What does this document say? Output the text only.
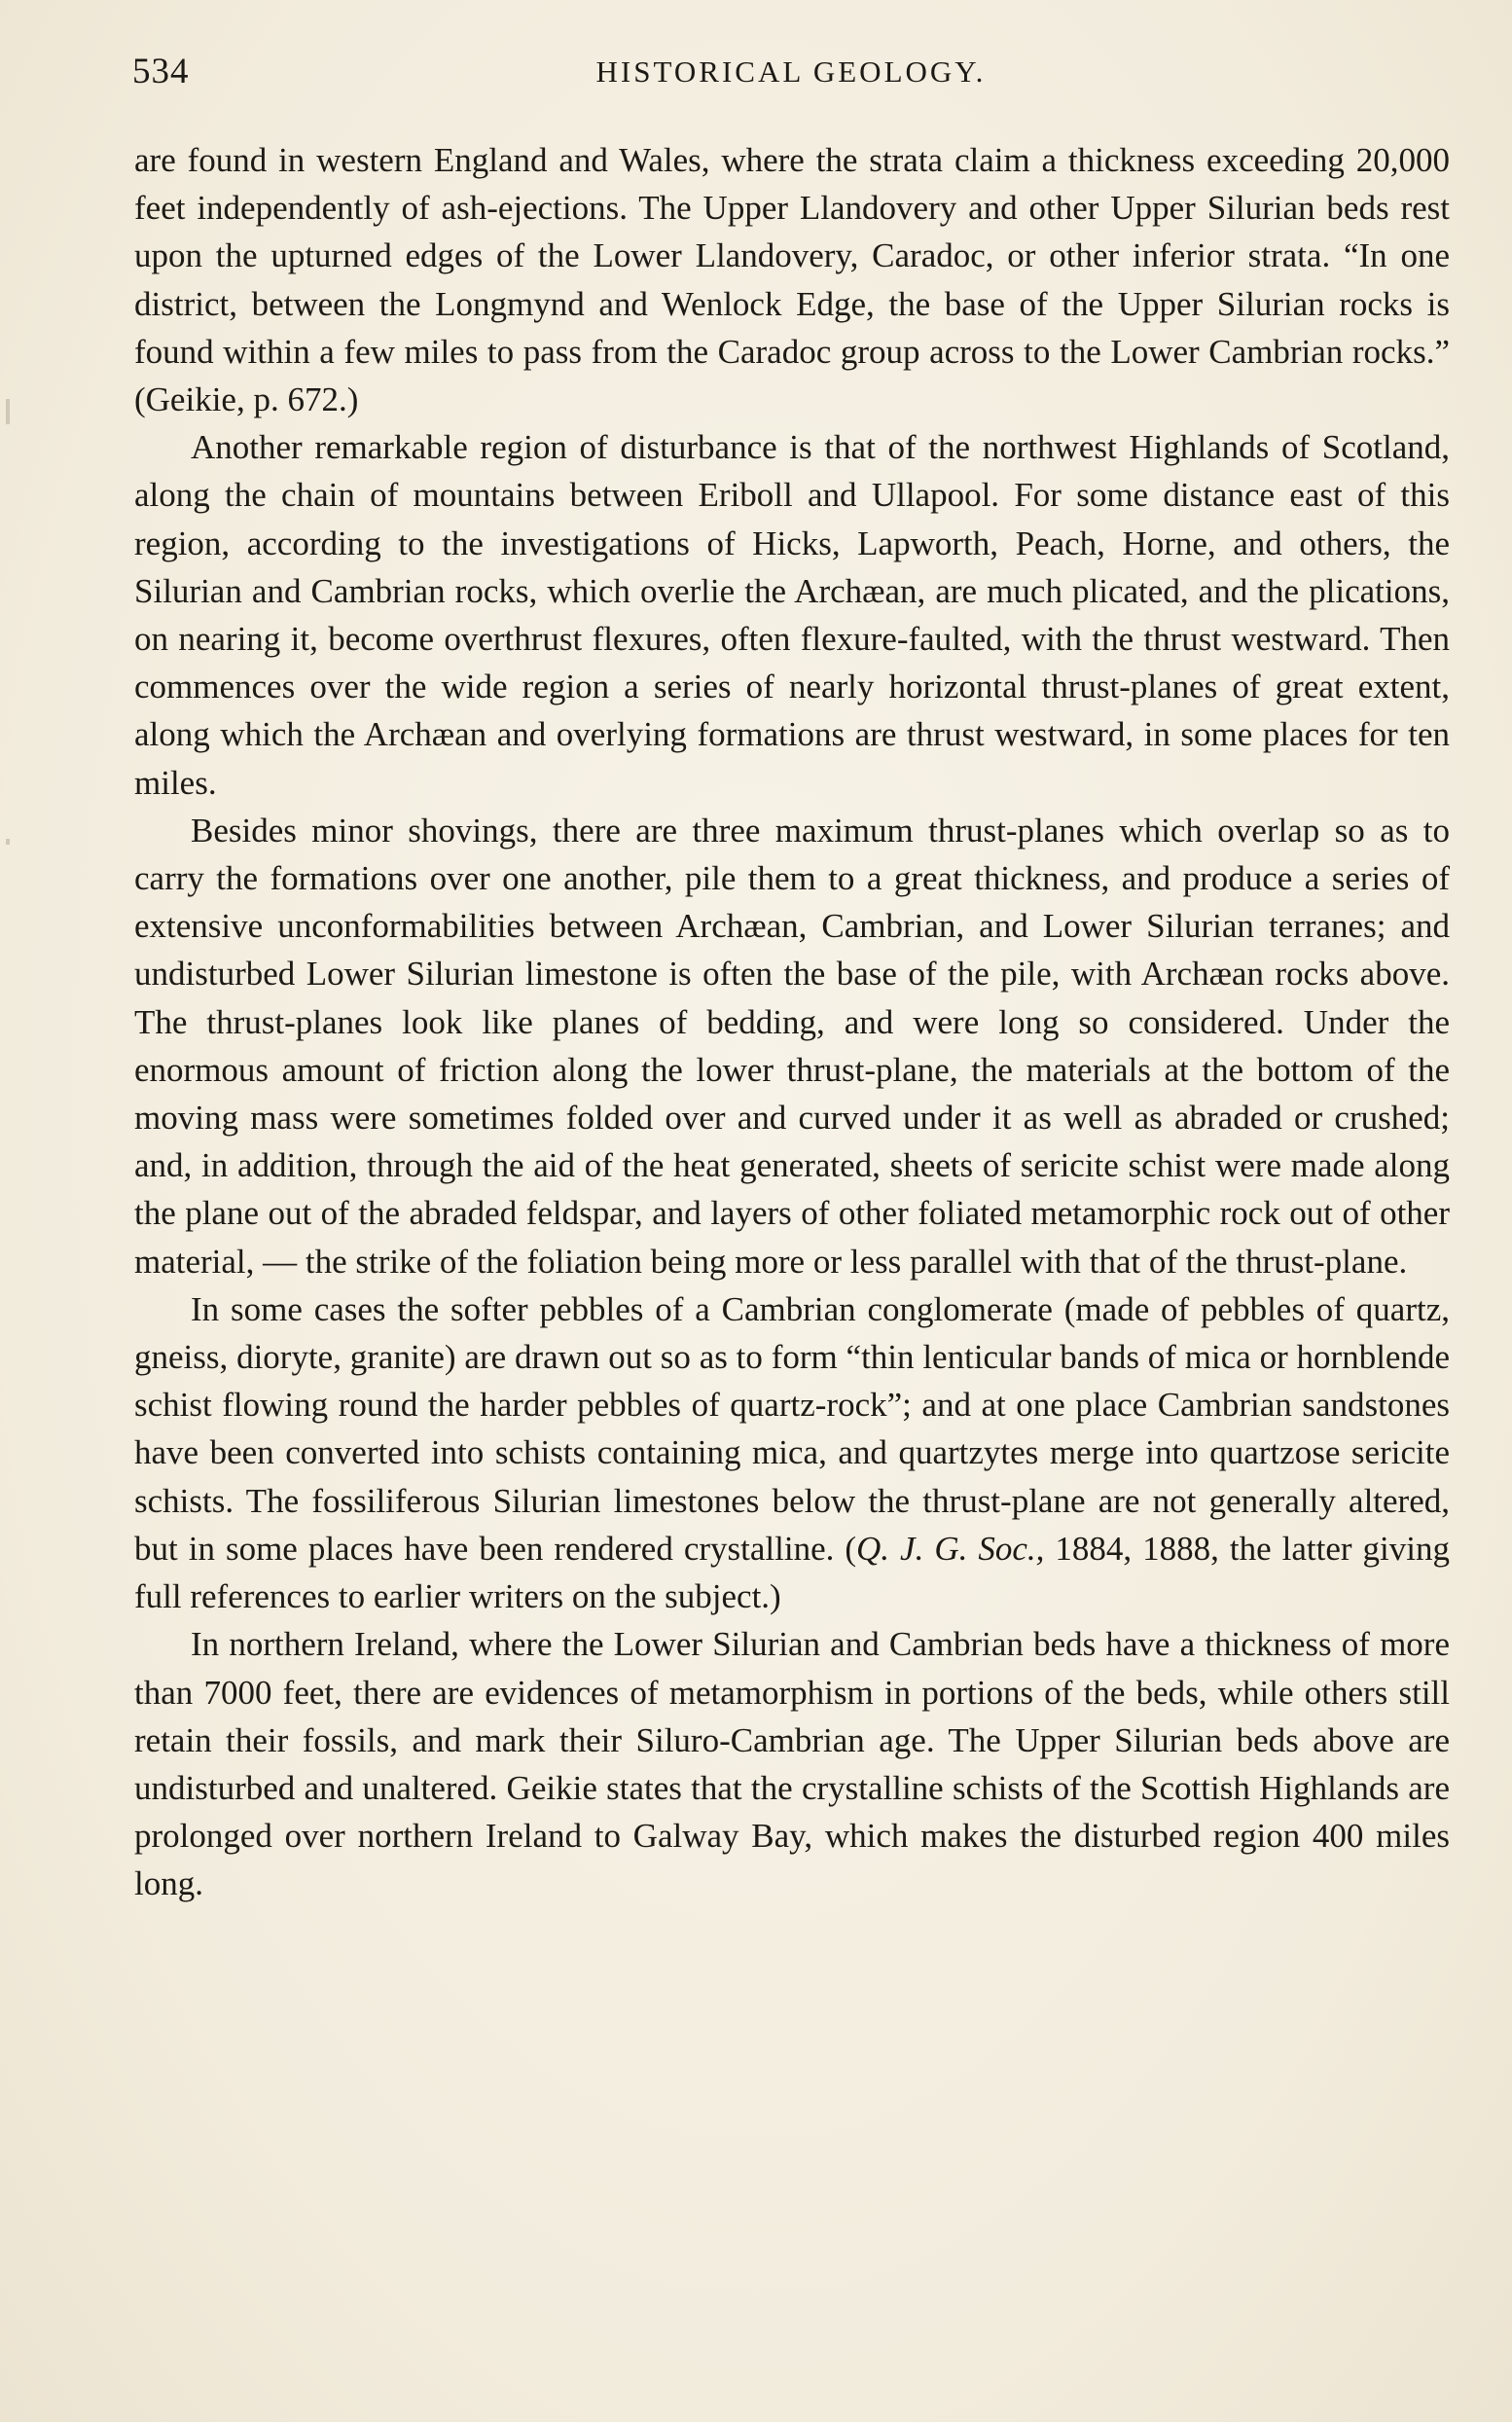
534	HISTORICAL GEOLOGY.

are found in western England and Wales, where the strata claim a thickness exceeding 20,000 feet independently of ash-ejections. The Upper Llandovery and other Upper Silurian beds rest upon the upturned edges of the Lower Llandovery, Caradoc, or other inferior strata. “In one district, between the Longmynd and Wenlock Edge, the base of the Upper Silurian rocks is found within a few miles to pass from the Caradoc group across to the Lower Cambrian rocks.” (Geikie, p. 672.)

Another remarkable region of disturbance is that of the northwest Highlands of Scotland, along the chain of mountains between Eriboll and Ullapool. For some distance east of this region, according to the investigations of Hicks, Lapworth, Peach, Horne, and others, the Silurian and Cambrian rocks, which overlie the Archæan, are much plicated, and the plications, on nearing it, become overthrust flexures, often flexure-faulted, with the thrust westward. Then commences over the wide region a series of nearly horizontal thrust-planes of great extent, along which the Archæan and overlying formations are thrust westward, in some places for ten miles.

Besides minor shovings, there are three maximum thrust-planes which overlap so as to carry the formations over one another, pile them to a great thickness, and produce a series of extensive unconformabilities between Archæan, Cambrian, and Lower Silurian terranes; and undisturbed Lower Silurian limestone is often the base of the pile, with Archæan rocks above. The thrust-planes look like planes of bedding, and were long so considered. Under the enormous amount of friction along the lower thrust-plane, the materials at the bottom of the moving mass were sometimes folded over and curved under it as well as abraded or crushed; and, in addition, through the aid of the heat generated, sheets of sericite schist were made along the plane out of the abraded feldspar, and layers of other foliated metamorphic rock out of other material, — the strike of the foliation being more or less parallel with that of the thrust-plane.

In some cases the softer pebbles of a Cambrian conglomerate (made of pebbles of quartz, gneiss, dioryte, granite) are drawn out so as to form “thin lenticular bands of mica or hornblende schist flowing round the harder pebbles of quartz-rock”; and at one place Cambrian sandstones have been converted into schists containing mica, and quartzytes merge into quartzose sericite schists. The fossiliferous Silurian limestones below the thrust-plane are not generally altered, but in some places have been rendered crystalline. (Q. J. G. Soc., 1884, 1888, the latter giving full references to earlier writers on the subject.)

In northern Ireland, where the Lower Silurian and Cambrian beds have a thickness of more than 7000 feet, there are evidences of metamorphism in portions of the beds, while others still retain their fossils, and mark their Siluro-Cambrian age. The Upper Silurian beds above are undisturbed and unaltered. Geikie states that the crystalline schists of the Scottish Highlands are prolonged over northern Ireland to Galway Bay, which makes the disturbed region 400 miles long.
